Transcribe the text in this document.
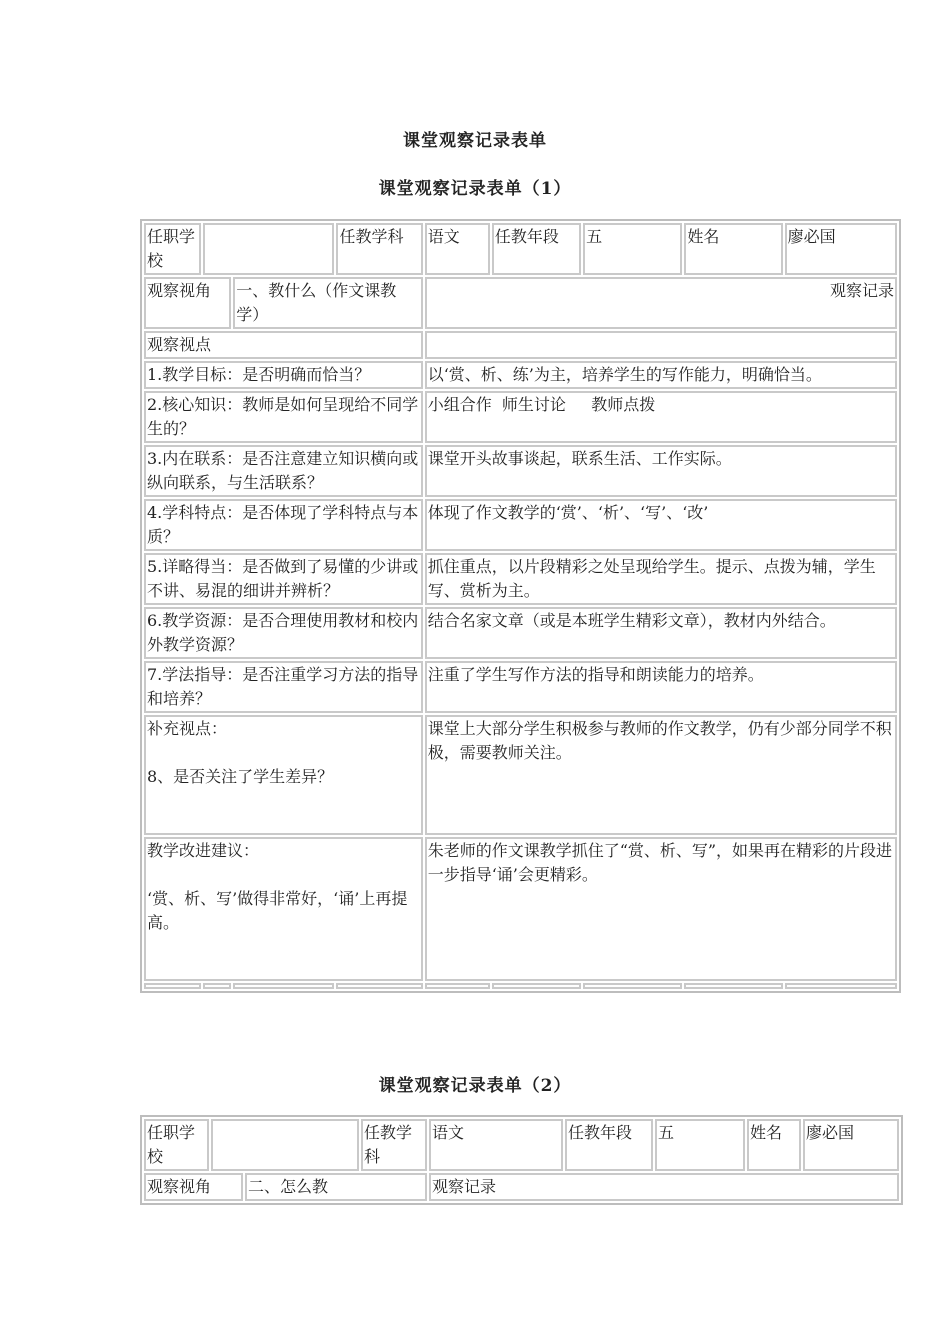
课堂观察记录表单
课堂观察记录表单（1）
任职学校			任教学科	语文	任教年段	五	姓名	廖必国
观察视角		一、教什么（作文课教学）		观察记录				
观察视点								
1.教学目标：是否明确而恰当？				以‘赏、析、练’为主，培养学生的写作能力，明确恰当。				
2.核心知识：教师是如何呈现给不同学生的？				小组合作  师生讨论     教师点拨				
3.内在联系：是否注意建立知识横向或纵向联系，与生活联系？				课堂开头故事谈起，联系生活、工作实际。				
4.学科特点：是否体现了学科特点与本质？				体现了作文教学的‘赏’、‘析’、‘写’、‘改’				
5.详略得当：是否做到了易懂的少讲或不讲、易混的细讲并辨析？				抓住重点，以片段精彩之处呈现给学生。提示、点拨为辅，学生写、赏析为主。				
6.教学资源：是否合理使用教材和校内外教学资源？				结合名家文章（或是本班学生精彩文章），教材内外结合。				
7.学法指导：是否注重学习方法的指导和培养？				注重了学生写作方法的指导和朗读能力的培养。				
补充视点：
8、是否关注了学生差异？				课堂上大部分学生积极参与教师的作文教学，仍有少部分同学不积极，需要教师关注。				
教学改进建议：
‘赏、析、写’做得非常好，‘诵’上再提高。				朱老师的作文课教学抓住了“赏、析、写”，如果再在精彩的片段进一步指导‘诵’会更精彩。				

课堂观察记录表单（2）
任职学校			任教学科	语文	任教年段	五	姓名	廖必国
观察视角		二、怎么教		观察记录				
